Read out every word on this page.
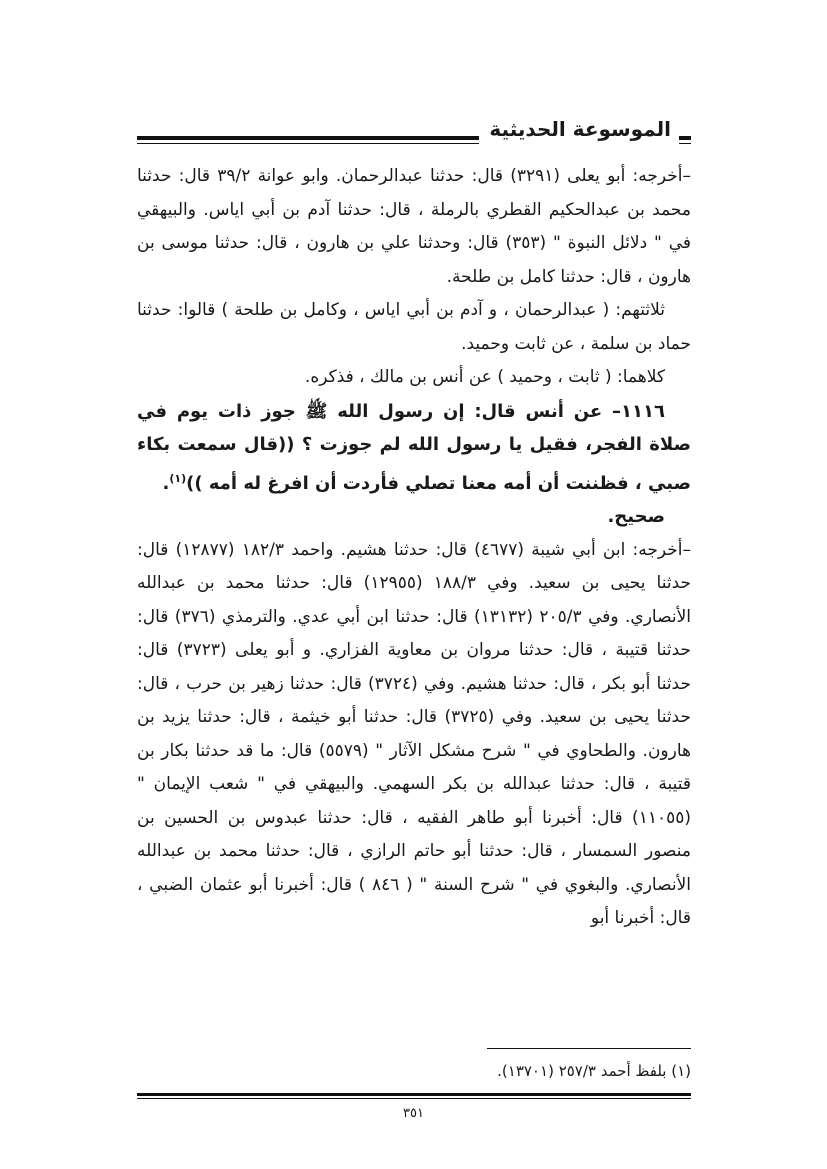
الموسوعة الحديثية

–أخرجه: أبو يعلى (٣٢٩١) قال: حدثنا عبدالرحمان. وابو عوانة ٣٩/٢ قال: حدثنا محمد بن عبدالحكيم القطري بالرملة ، قال: حدثنا آدم بن أبي اياس. والبيهقي في " دلائل النبوة " (٣٥٣) قال: وحدثنا علي بن هارون ، قال: حدثنا موسى بن هارون ، قال: حدثنا كامل بن طلحة.

ثلاثتهم: ( عبدالرحمان ، و آدم بن أبي اياس ، وكامل بن طلحة ) قالوا: حدثنا حماد بن سلمة ، عن ثابت وحميد.

كلاهما: ( ثابت ، وحميد ) عن أنس بن مالك ، فذكره.

١١١٦– عن أنس قال: إن رسول الله ﷺ جوز ذات يوم في صلاة الفجر، فقيل يا رسول الله لم جوزت ؟ ((قال سمعت بكاء صبي ، فظننت أن أمه معنا تصلي فأردت أن افرغ له أمه ))$^{(١)}$.

صحيح.

–أخرجه: ابن أبي شيبة (٤٦٧٧) قال: حدثنا هشيم. واحمد ١٨٢/٣ (١٢٨٧٧) قال: حدثنا يحيى بن سعيد. وفي ١٨٨/٣ (١٢٩٥٥) قال: حدثنا محمد بن عبدالله الأنصاري. وفي ٢٠٥/٣ (١٣١٣٢) قال: حدثنا ابن أبي عدي. والترمذي (٣٧٦) قال: حدثنا قتيبة ، قال: حدثنا مروان بن معاوية الفزاري. و أبو يعلى (٣٧٢٣) قال: حدثنا أبو بكر ، قال: حدثنا هشيم. وفي (٣٧٢٤) قال: حدثنا زهير بن حرب ، قال: حدثنا يحيى بن سعيد. وفي (٣٧٢٥) قال: حدثنا أبو خيثمة ، قال: حدثنا يزيد بن هارون. والطحاوي في " شرح مشكل الآثار " (٥٥٧٩) قال: ما قد حدثنا بكار بن قتيبة ، قال: حدثنا عبدالله بن بكر السهمي. والبيهقي في " شعب الإيمان " (١١٠٥٥) قال: أخبرنا أبو طاهر الفقيه ، قال: حدثنا عبدوس بن الحسين بن منصور السمسار ، قال: حدثنا أبو حاتم الرازي ، قال: حدثنا محمد بن عبدالله الأنصاري. والبغوي في " شرح السنة " ( ٨٤٦ ) قال: أخبرنا أبو عثمان الضبي ، قال: أخبرنا أبو

(١) بلفظ أحمد ٢٥٧/٣ (١٣٧٠١).
٣٥١
